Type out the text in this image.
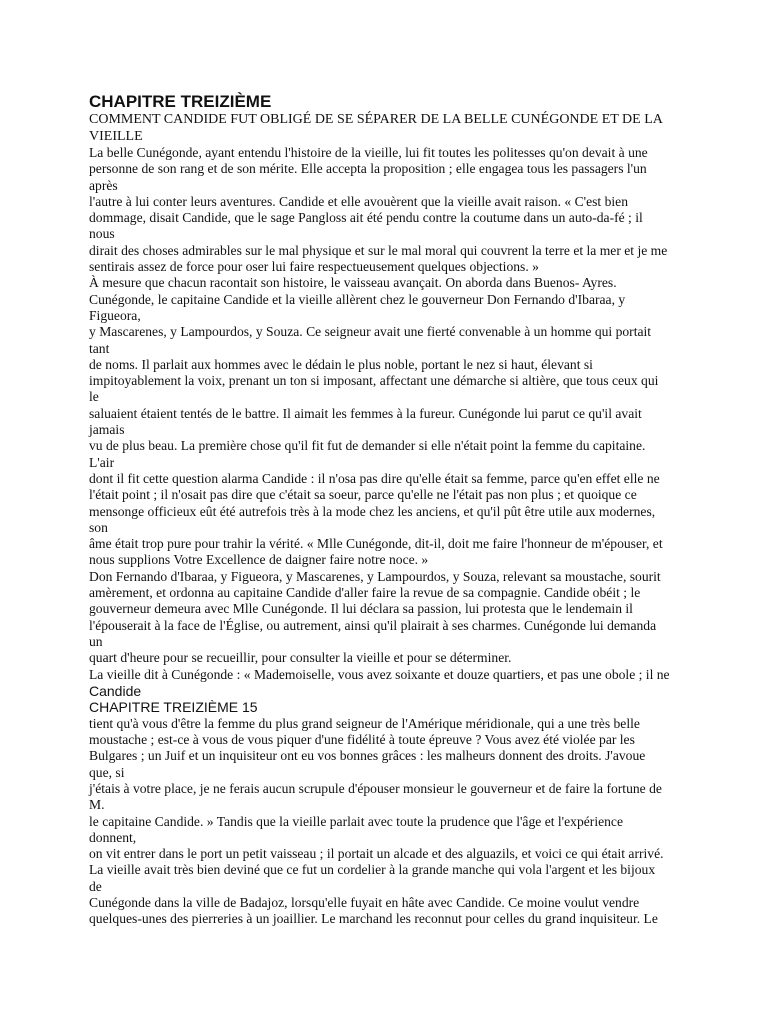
CHAPITRE TREIZIÈME

COMMENT CANDIDE FUT OBLIGÉ DE SE SÉPARER DE LA BELLE CUNÉGONDE ET DE LA

VIEILLE

La belle Cunégonde, ayant entendu l'histoire de la vieille, lui fit toutes les politesses qu'on devait à une

personne de son rang et de son mérite. Elle accepta la proposition ; elle engagea tous les passagers l'un

après

l'autre à lui conter leurs aventures. Candide et elle avouèrent que la vieille avait raison. « C'est bien

dommage, disait Candide, que le sage Pangloss ait été pendu contre la coutume dans un auto-da-fé ; il

nous

dirait des choses admirables sur le mal physique et sur le mal moral qui couvrent la terre et la mer et je me

sentirais assez de force pour oser lui faire respectueusement quelques objections. »

À mesure que chacun racontait son histoire, le vaisseau avançait. On aborda dans Buenos- Ayres.

Cunégonde, le capitaine Candide et la vieille allèrent chez le gouverneur Don Fernando d'Ibaraa, y

Figueora,

y Mascarenes, y Lampourdos, y Souza. Ce seigneur avait une fierté convenable à un homme qui portait

tant

de noms. Il parlait aux hommes avec le dédain le plus noble, portant le nez si haut, élevant si

impitoyablement la voix, prenant un ton si imposant, affectant une démarche si altière, que tous ceux qui

le

saluaient étaient tentés de le battre. Il aimait les femmes à la fureur. Cunégonde lui parut ce qu'il avait

jamais

vu de plus beau. La première chose qu'il fit fut de demander si elle n'était point la femme du capitaine.

L'air

dont il fit cette question alarma Candide : il n'osa pas dire qu'elle était sa femme, parce qu'en effet elle ne

l'était point ; il n'osait pas dire que c'était sa soeur, parce qu'elle ne l'était pas non plus ; et quoique ce

mensonge officieux eût été autrefois très à la mode chez les anciens, et qu'il pût être utile aux modernes,

son

âme était trop pure pour trahir la vérité. « Mlle Cunégonde, dit-il, doit me faire l'honneur de m'épouser, et

nous supplions Votre Excellence de daigner faire notre noce. »

Don Fernando d'Ibaraa, y Figueora, y Mascarenes, y Lampourdos, y Souza, relevant sa moustache, sourit

amèrement, et ordonna au capitaine Candide d'aller faire la revue de sa compagnie. Candide obéit ; le

gouverneur demeura avec Mlle Cunégonde. Il lui déclara sa passion, lui protesta que le lendemain il

l'épouserait à la face de l'Église, ou autrement, ainsi qu'il plairait à ses charmes. Cunégonde lui demanda

un

quart d'heure pour se recueillir, pour consulter la vieille et pour se déterminer.

La vieille dit à Cunégonde : « Mademoiselle, vous avez soixante et douze quartiers, et pas une obole ; il ne

Candide

CHAPITRE TREIZIÈME 15

tient qu'à vous d'être la femme du plus grand seigneur de l'Amérique méridionale, qui a une très belle

moustache ; est-ce à vous de vous piquer d'une fidélité à toute épreuve ? Vous avez été violée par les

Bulgares ; un Juif et un inquisiteur ont eu vos bonnes grâces : les malheurs donnent des droits. J'avoue

que, si

j'étais à votre place, je ne ferais aucun scrupule d'épouser monsieur le gouverneur et de faire la fortune de

M.

le capitaine Candide. » Tandis que la vieille parlait avec toute la prudence que l'âge et l'expérience

donnent,

on vit entrer dans le port un petit vaisseau ; il portait un alcade et des alguazils, et voici ce qui était arrivé.

La vieille avait très bien deviné que ce fut un cordelier à la grande manche qui vola l'argent et les bijoux

de

Cunégonde dans la ville de Badajoz, lorsqu'elle fuyait en hâte avec Candide. Ce moine voulut vendre

quelques-unes des pierreries à un joaillier. Le marchand les reconnut pour celles du grand inquisiteur. Le
